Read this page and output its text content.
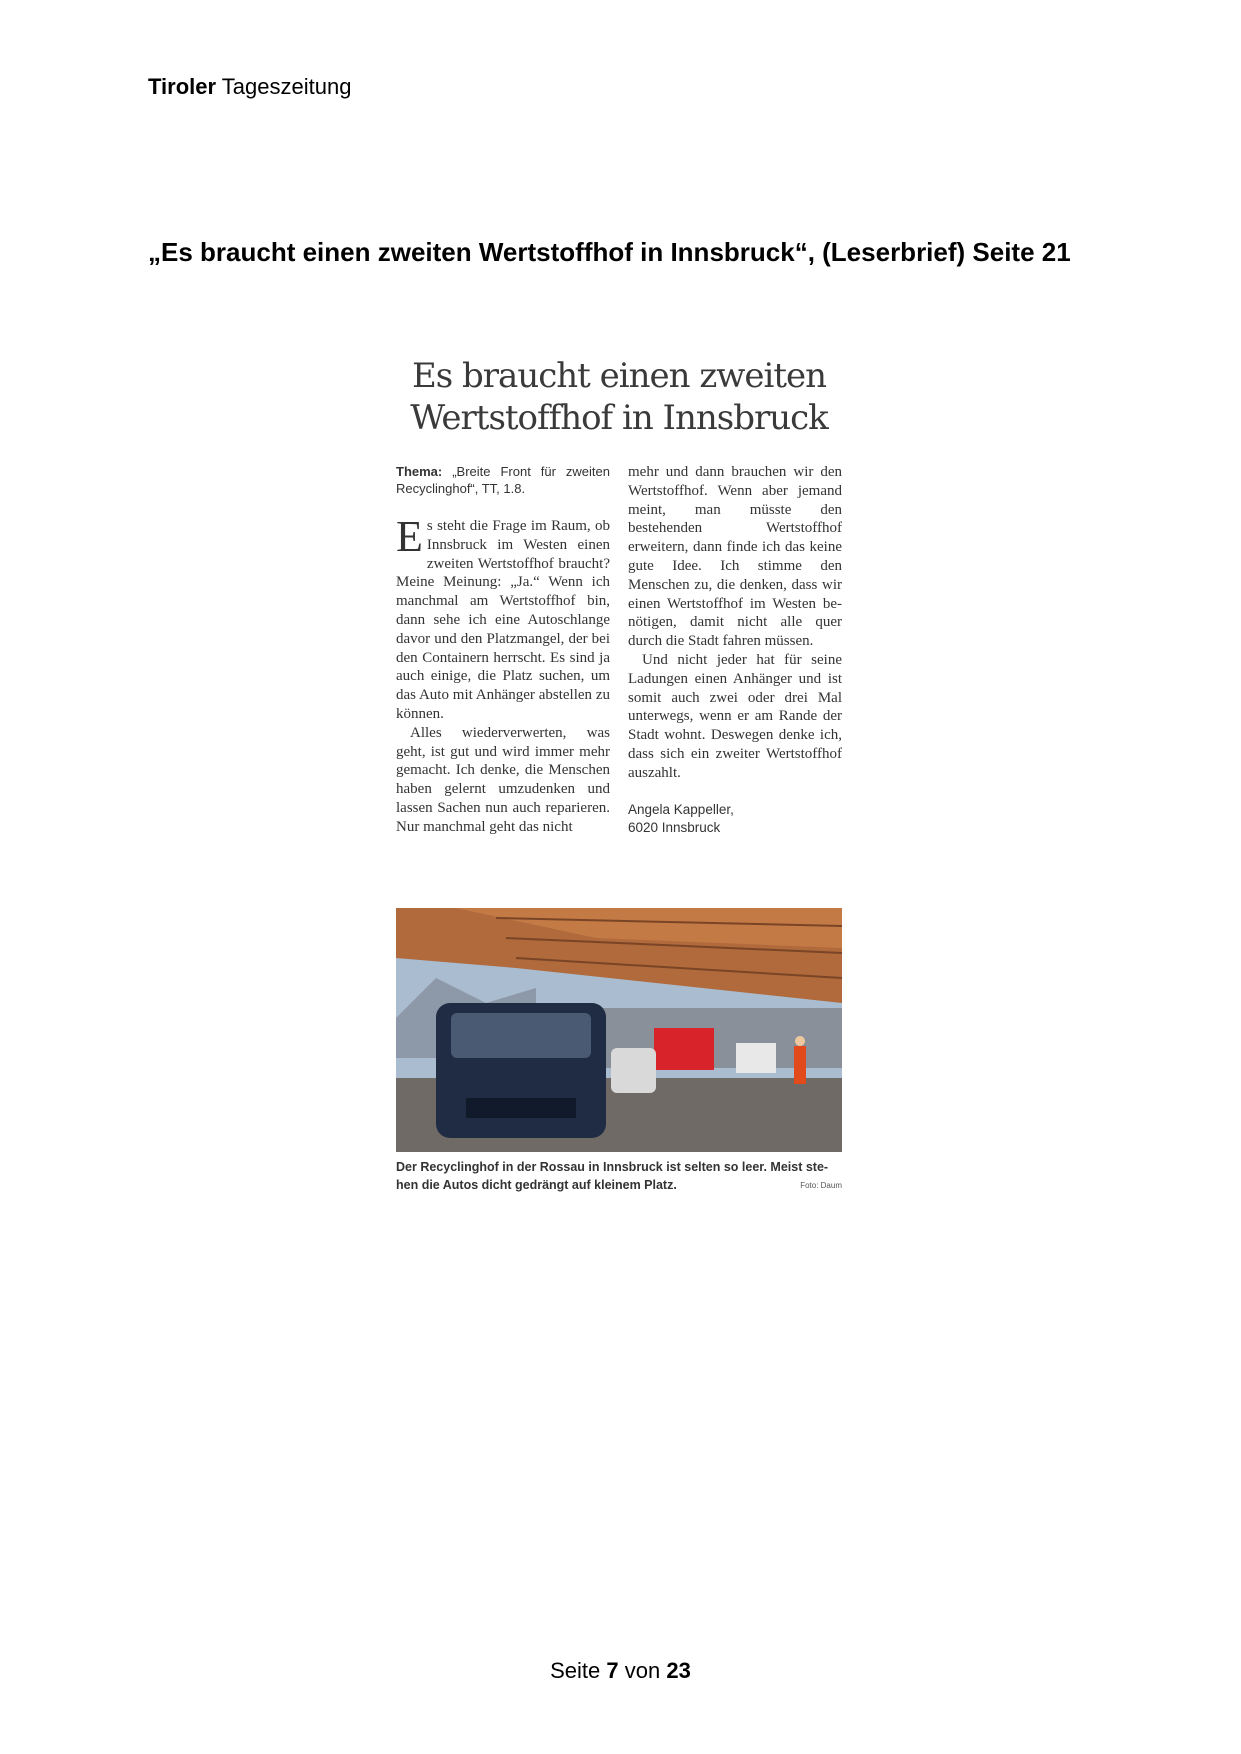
Tiroler Tageszeitung
„Es braucht einen zweiten Wertstoffhof in Innsbruck“, (Leserbrief) Seite 21
Es braucht einen zweiten
Wertstoffhof in Innsbruck

Thema: „Breite Front für zweiten Recyclinghof“, TT, 1.8.

Es steht die Frage im Raum, ob Innsbruck im Westen einen zweiten Wertstoffhof braucht? Meine Meinung: „Ja.“ Wenn ich manchmal am Wertstoffhof bin, dann sehe ich eine Autoschlange davor und den Platzmangel, der bei den Containern herrscht. Es sind ja auch einige, die Platz suchen, um das Auto mit Anhänger abstellen zu können.

Alles wiederverwerten, was geht, ist gut und wird immer mehr gemacht. Ich denke, die Menschen haben gelernt umzudenken und lassen Sachen nun auch reparieren. Nur manchmal geht das nicht

mehr und dann brauchen wir den Wertstoffhof. Wenn aber jemand meint, man müsste den bestehenden Wertstoffhof erweitern, dann finde ich das keine gute Idee. Ich stimme den Menschen zu, die denken, dass wir einen Wertstoffhof im Westen benötigen, damit nicht alle quer durch die Stadt fahren müssen.

Und nicht jeder hat für seine Ladungen einen Anhänger und ist somit auch zwei oder drei Mal unterwegs, wenn er am Rande der Stadt wohnt. Deswegen denke ich, dass sich ein zweiter Wertstoffhof auszahlt.

Angela Kappeller,
6020 Innsbruck

Der Recyclinghof in der Rossau in Innsbruck ist selten so leer. Meist stehen die Autos dicht gedrängt auf kleinem Platz.	Foto: Daum
Seite 7 von 23
